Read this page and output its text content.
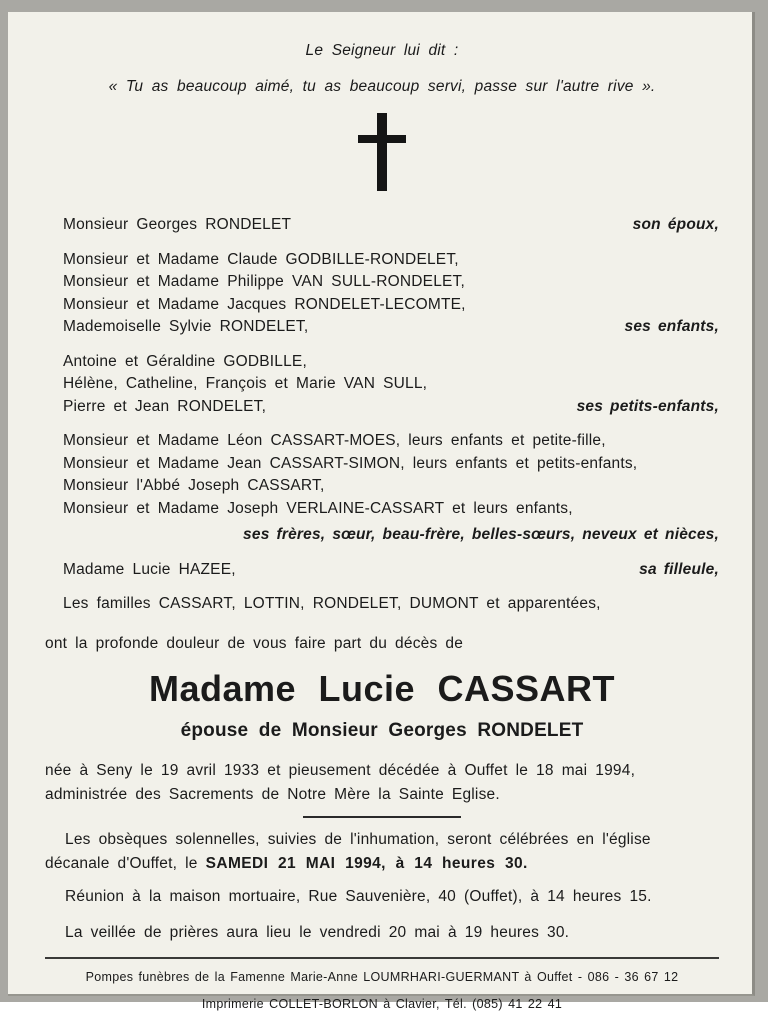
Le Seigneur lui dit :

« Tu as beaucoup aimé, tu as beaucoup servi, passe sur l'autre rive ».

Monsieur Georges RONDELET	son époux,

Monsieur et Madame Claude GODBILLE-RONDELET,

Monsieur et Madame Philippe VAN SULL-RONDELET,

Monsieur et Madame Jacques RONDELET-LECOMTE,

Mademoiselle Sylvie RONDELET,	ses enfants,

Antoine et Géraldine GODBILLE,

Hélène, Catheline, François et Marie VAN SULL,

Pierre et Jean RONDELET,	ses petits-enfants,

Monsieur et Madame Léon CASSART-MOES, leurs enfants et petite-fille,

Monsieur et Madame Jean CASSART-SIMON, leurs enfants et petits-enfants,

Monsieur l'Abbé Joseph CASSART,

Monsieur et Madame Joseph VERLAINE-CASSART et leurs enfants,

ses frères, sœur, beau-frère, belles-sœurs, neveux et nièces,

Madame Lucie HAZEE,	sa filleule,

Les familles CASSART, LOTTIN, RONDELET, DUMONT et apparentées,

ont la profonde douleur de vous faire part du décès de

Madame Lucie CASSART

épouse de Monsieur Georges RONDELET

née à Seny le 19 avril 1933 et pieusement décédée à Ouffet le 18 mai 1994,

administrée des Sacrements de Notre Mère la Sainte Eglise.

Les obsèques solennelles, suivies de l'inhumation, seront célébrées en l'église décanale d'Ouffet, le SAMEDI 21 MAI 1994, à 14 heures 30.

Réunion à la maison mortuaire, Rue Sauvenière, 40 (Ouffet), à 14 heures 15.

La veillée de prières aura lieu le vendredi 20 mai à 19 heures 30.

Pompes funèbres de la Famenne Marie-Anne LOUMRHARI-GUERMANT à Ouffet - 086 - 36 67 12

Imprimerie COLLET-BORLON à Clavier, Tél. (085) 41 22 41
